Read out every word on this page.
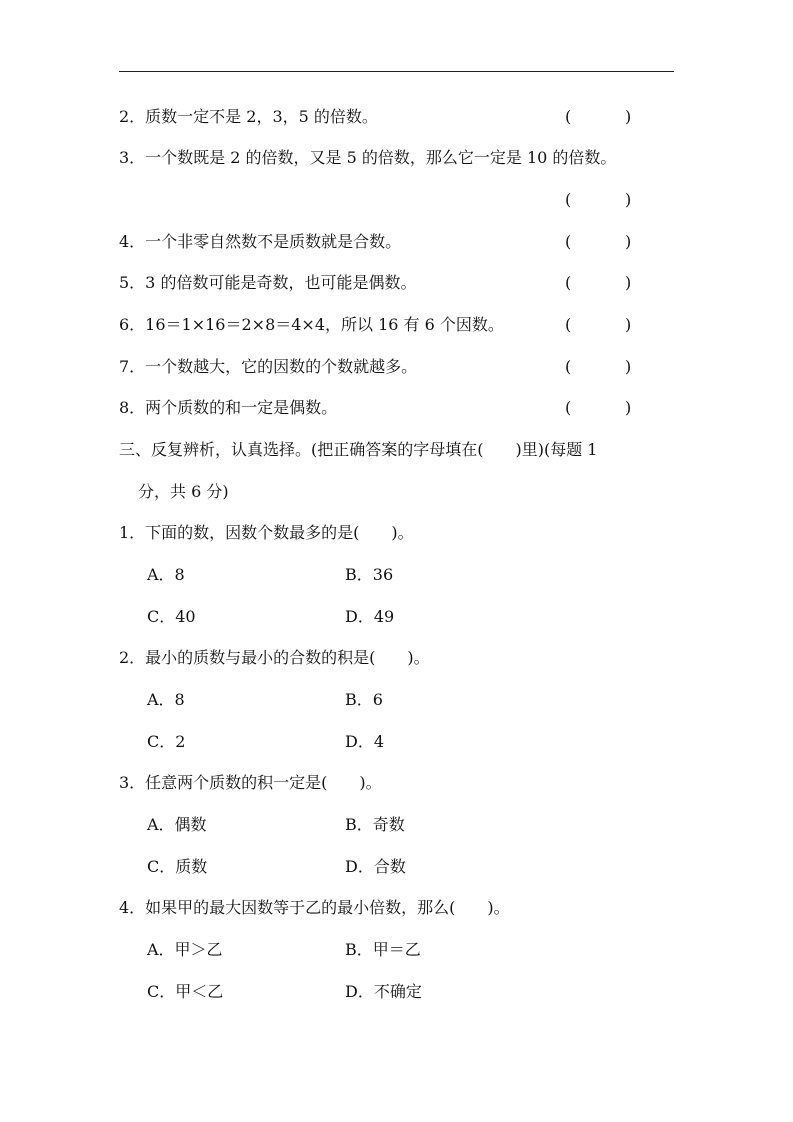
2．质数一定不是 2，3，5 的倍数。	(	)
3．一个数既是 2 的倍数，又是 5 的倍数，那么它一定是 10 的倍数。
(	)
4．一个非零自然数不是质数就是合数。	(	)
5．3 的倍数可能是奇数，也可能是偶数。	(	)
6．16＝1×16＝2×8＝4×4，所以 16 有 6 个因数。	(	)
7．一个数越大，它的因数的个数就越多。	(	)
8．两个质数的和一定是偶数。	(	)
三、反复辨析，认真选择。(把正确答案的字母填在(　　)里)(每题 1
分，共 6 分)
1．下面的数，因数个数最多的是(　　)。
A．8	B．36
C．40	D．49
2．最小的质数与最小的合数的积是(　　)。
A．8	B．6
C．2	D．4
3．任意两个质数的积一定是(　　)。
A．偶数	B．奇数
C．质数	D．合数
4．如果甲的最大因数等于乙的最小倍数，那么(　　)。
A．甲＞乙	B．甲＝乙
C．甲＜乙	D．不确定
